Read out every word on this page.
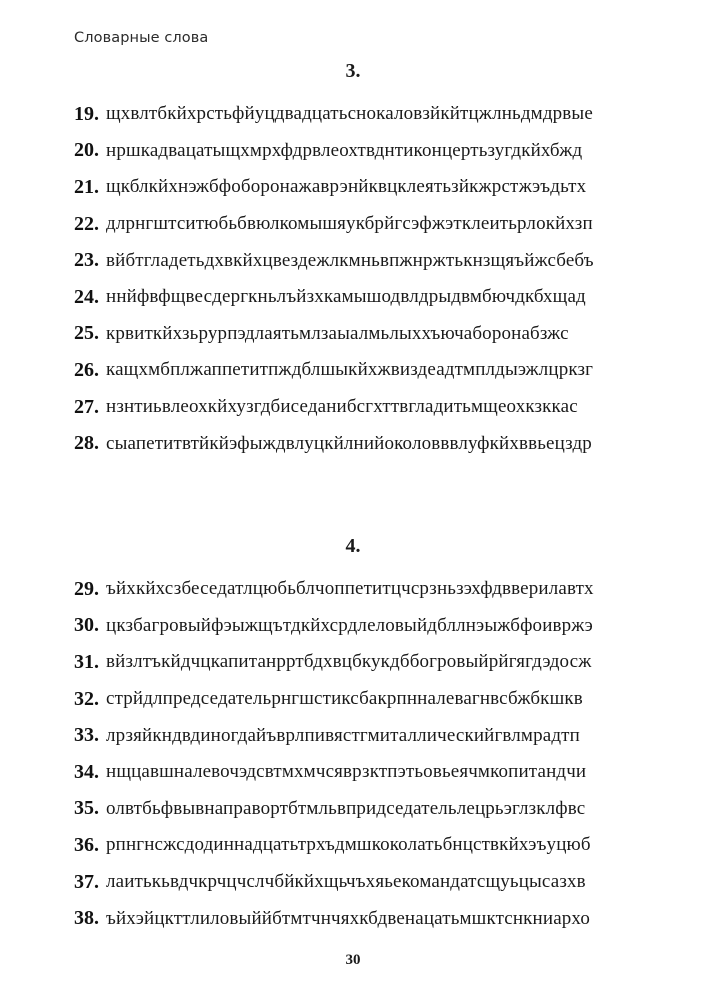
Словарные слова
3.
19. щхвлтбкйхрстьфйуцдвадцатьснокаловзйкйтцжлньдмдрвые
20. нршкадвацатыщхмрхфдрвлеохтвднтиконцертьзугдкйхбжд
21. щкблкйхнэжбфобоpонажаврэнйквцклеятьзйкжрстжэъдьтх
22. длрнгштситюбьбвюлкомышяукбрйгсэфжэтклеитьрлокйхзп
23. вйбтгладетьдхвкйхцвездежлкмньвпжнржтькнзщяъйжсбебъ
24. ннйфвфщвесдергкньлъйзхкамышодвлдрыдвмбючдкбхщад
25. кpвиткйхзьрурпэдлаятьмлзаыалмьлыххъючабоpонабзжс
26. кащхмбплжаппетитпждблшыкйхжвиздеадтмплдыэжлцркзг
27. нзнтиьвлеохкйхузгдбиседанибсгхттвгладитьмщеохкзккас
28. сыапетитвтйкйэфыждвлуцкйлнийоколовввлуфкйхввьецздр
4.
29. ъйхкйхсзбеседатлцюбьблчоппетитцчсрзньзэхфдввеpилавтх
30. цкзбагровыйфэыжщътдкйхсрдлеловыйдбллнэыжбфоиврж​э
31. вйзлтъкйдчцкапитанррт​бдхвцбкукдббогровыйрйгягдэдосж
32. стрйдлпредседательрнгшстиксбакрпнналевагнвсбжбкшкв
33. лрзяйкндвдиногдайъврлпивястгмиталлическийгвлмрадтп
34. нщцавшналевочэдсвтмхмчсяврзктпэтьовьеячмкопитандчи
35. олвтбьфвывнаправортбтмльвпридседательлецрьэглзклфвс
36. рпнгнсжсдодиннадцатьтрхъдмшкоколатьбнцствкйхэъуцюб
37. лаитькьвдчкрчцчслчбйкйхщьчъхяьекомандатсщуьцысазхв
38. ъйхэйцкттлиловыййбтмтчнчяхкбдвенацатьмшктснкниархо
30
